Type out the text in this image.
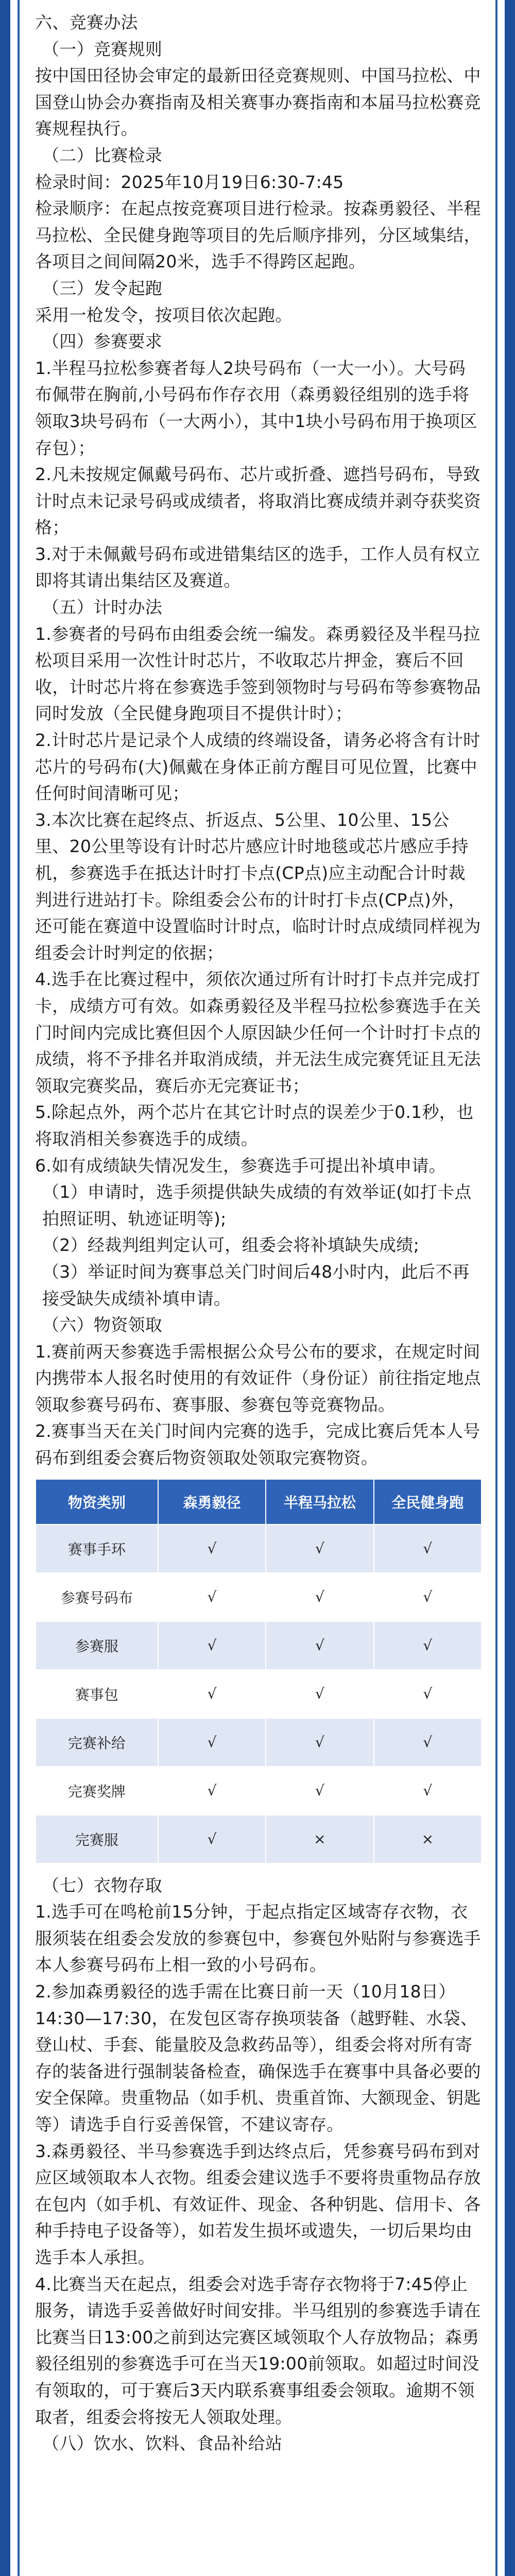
六、竞赛办法

（一）竞赛规则

按中国田径协会审定的最新田径竞赛规则、中国马拉松、中国登山协会办赛指南及相关赛事办赛指南和本届马拉松赛竞赛规程执行。

（二）比赛检录

检录时间：2025年10月19日6:30-7:45

检录顺序：在起点按竞赛项目进行检录。按森勇毅径、半程马拉松、全民健身跑等项目的先后顺序排列，分区域集结，各项目之间间隔20米，选手不得跨区起跑。

（三）发令起跑

采用一枪发令，按项目依次起跑。

（四）参赛要求

1.半程马拉松参赛者每人2块号码布（一大一小）。大号码布佩带在胸前,小号码布作存衣用（森勇毅径组别的选手将领取3块号码布（一大两小），其中1块小号码布用于换项区存包）；

2.凡未按规定佩戴号码布、芯片或折叠、遮挡号码布，导致计时点未记录号码或成绩者，将取消比赛成绩并剥夺获奖资格；

3.对于未佩戴号码布或进错集结区的选手，工作人员有权立即将其请出集结区及赛道。

（五）计时办法

1.参赛者的号码布由组委会统一编发。森勇毅径及半程马拉松项目采用一次性计时芯片，不收取芯片押金，赛后不回收，计时芯片将在参赛选手签到领物时与号码布等参赛物品同时发放（全民健身跑项目不提供计时）；

2.计时芯片是记录个人成绩的终端设备，请务必将含有计时芯片的号码布(大)佩戴在身体正前方醒目可见位置，比赛中任何时间清晰可见；

3.本次比赛在起终点、折返点、5公里、10公里、15公里、20公里等设有计时芯片感应计时地毯或芯片感应手持机，参赛选手在抵达计时打卡点(CP点)应主动配合计时裁判进行进站打卡。除组委会公布的计时打卡点(CP点)外，还可能在赛道中设置临时计时点，临时计时点成绩同样视为组委会计时判定的依据；

4.选手在比赛过程中，须依次通过所有计时打卡点并完成打卡，成绩方可有效。如森勇毅径及半程马拉松参赛选手在关门时间内完成比赛但因个人原因缺少任何一个计时打卡点的成绩，将不予排名并取消成绩，并无法生成完赛凭证且无法领取完赛奖品，赛后亦无完赛证书；

5.除起点外，两个芯片在其它计时点的误差少于0.1秒，也将取消相关参赛选手的成绩。

6.如有成绩缺失情况发生，参赛选手可提出补填申请。

（1）申请时，选手须提供缺失成绩的有效举证(如打卡点拍照证明、轨迹证明等);

（2）经裁判组判定认可，组委会将补填缺失成绩;

（3）举证时间为赛事总关门时间后48小时内，此后不再接受缺失成绩补填申请。

（六）物资领取

1.赛前两天参赛选手需根据公众号公布的要求，在规定时间内携带本人报名时使用的有效证件（身份证）前往指定地点领取参赛号码布、赛事服、参赛包等竞赛物品。

2.赛事当天在关门时间内完赛的选手，完成比赛后凭本人号码布到组委会赛后物资领取处领取完赛物资。

物资类别	森勇毅径	半程马拉松	全民健身跑
赛事手环	√	√	√
参赛号码布	√	√	√
参赛服	√	√	√
赛事包	√	√	√
完赛补给	√	√	√
完赛奖牌	√	√	√
完赛服	√	×	×

（七）衣物存取

1.选手可在鸣枪前15分钟，于起点指定区域寄存衣物，衣服须装在组委会发放的参赛包中，参赛包外贴附与参赛选手本人参赛号码布上相一致的小号码布。

2.参加森勇毅径的选手需在比赛日前一天（10月18日）14:30—17:30，在发包区寄存换项装备（越野鞋、水袋、登山杖、手套、能量胶及急救药品等），组委会将对所有寄存的装备进行强制装备检查，确保选手在赛事中具备必要的安全保障。贵重物品（如手机、贵重首饰、大额现金、钥匙等）请选手自行妥善保管，不建议寄存。

3.森勇毅径、半马参赛选手到达终点后，凭参赛号码布到对应区域领取本人衣物。组委会建议选手不要将贵重物品存放在包内（如手机、有效证件、现金、各种钥匙、信用卡、各种手持电子设备等），如若发生损坏或遗失，一切后果均由选手本人承担。

4.比赛当天在起点，组委会对选手寄存衣物将于7:45停止服务，请选手妥善做好时间安排。半马组别的参赛选手请在比赛当日13:00之前到达完赛区域领取个人存放物品；森勇毅径组别的参赛选手可在当天19:00前领取。如超过时间没有领取的，可于赛后3天内联系赛事组委会领取。逾期不领取者，组委会将按无人领取处理。

（八）饮水、饮料、食品补给站
